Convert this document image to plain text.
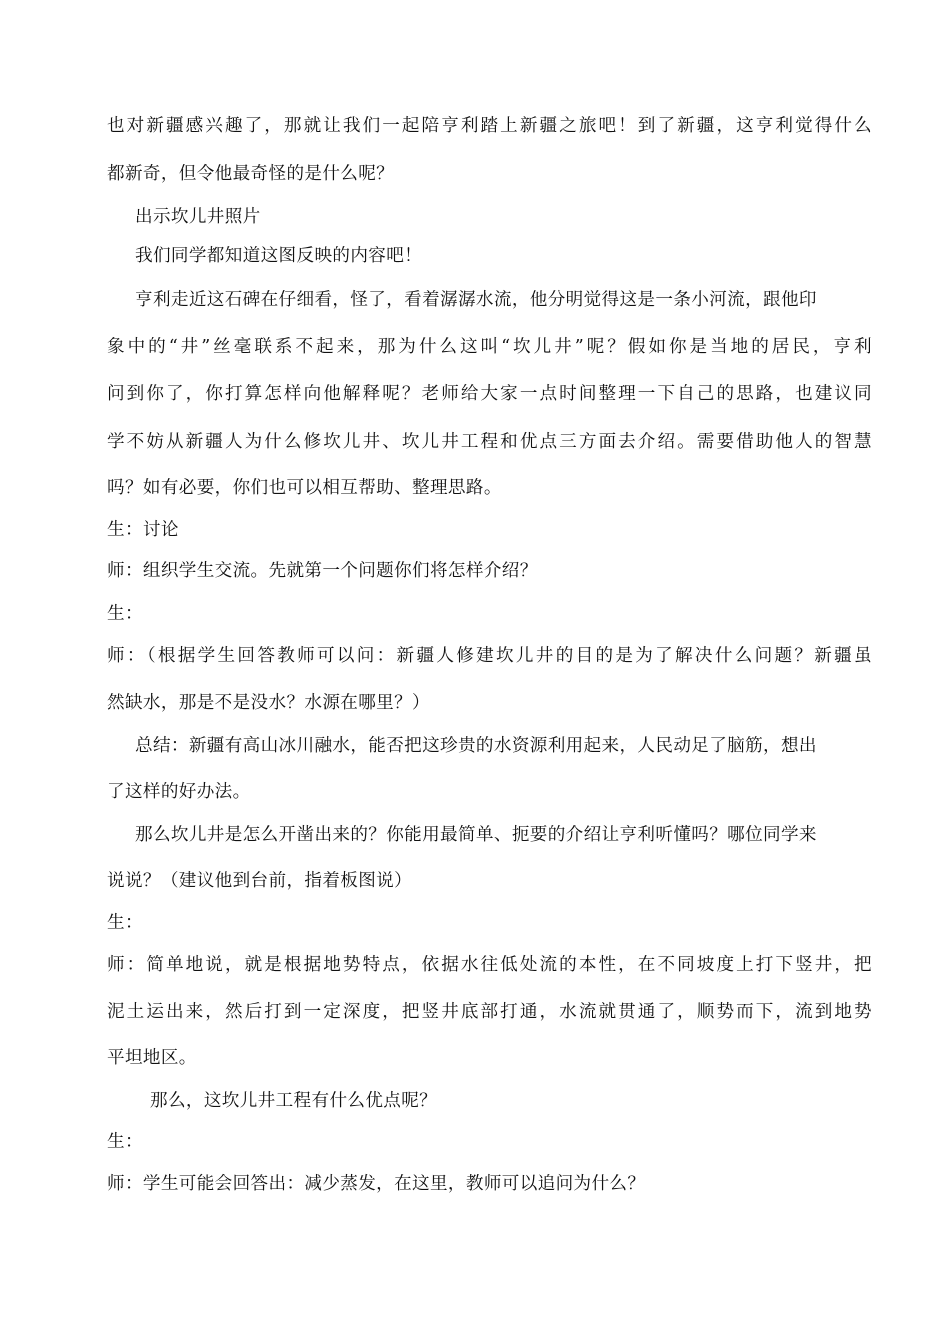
也对新疆感兴趣了，那就让我们一起陪亨利踏上新疆之旅吧！到了新疆，这亨利觉得什么
都新奇，但令他最奇怪的是什么呢？
出示坎儿井照片
我们同学都知道这图反映的内容吧！
亨利走近这石碑在仔细看，怪了，看着潺潺水流，他分明觉得这是一条小河流，跟他印
象中的“井”丝毫联系不起来，那为什么这叫“坎儿井”呢？假如你是当地的居民，亨利
问到你了，你打算怎样向他解释呢？老师给大家一点时间整理一下自己的思路，也建议同
学不妨从新疆人为什么修坎儿井、坎儿井工程和优点三方面去介绍。需要借助他人的智慧
吗？如有必要，你们也可以相互帮助、整理思路。
生：讨论
师：组织学生交流。先就第一个问题你们将怎样介绍？
生：
师：（根据学生回答教师可以问：新疆人修建坎儿井的目的是为了解决什么问题？新疆虽
然缺水，那是不是没水？水源在哪里？）
总结：新疆有高山冰川融水，能否把这珍贵的水资源利用起来，人民动足了脑筋，想出
了这样的好办法。
那么坎儿井是怎么开凿出来的？你能用最简单、扼要的介绍让亨利听懂吗？哪位同学来
说说？（建议他到台前，指着板图说）
生：
师：简单地说，就是根据地势特点，依据水往低处流的本性，在不同坡度上打下竖井，把
泥土运出来，然后打到一定深度，把竖井底部打通，水流就贯通了，顺势而下，流到地势
平坦地区。
那么，这坎儿井工程有什么优点呢？
生：
师：学生可能会回答出：减少蒸发，在这里，教师可以追问为什么？
